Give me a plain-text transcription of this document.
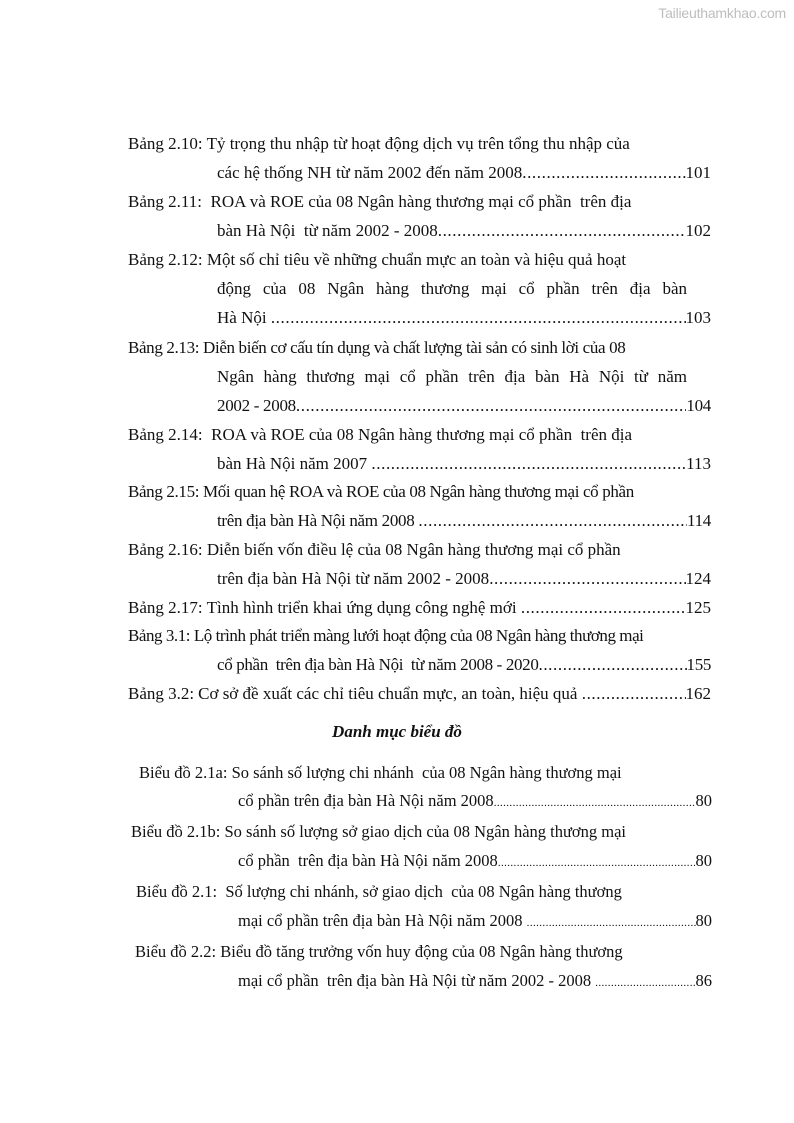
Tailieuthamkhao.com
Bảng 2.10: Tỷ trọng thu nhập từ hoạt động dịch vụ trên tổng thu nhập của
các hệ thống NH từ năm 2002 đến năm 2008 .....	101
Bảng 2.11:  ROA và ROE của 08 Ngân hàng thương mại cổ phần  trên địa
bàn Hà Nội  từ năm 2002 - 2008 .....	102
Bảng 2.12: Một số chỉ tiêu về những chuẩn mực an toàn và hiệu quả hoạt
động của 08 Ngân hàng thương mại cổ phần trên địa bàn
Hà Nội .....	103
Bảng 2.13: Diễn biến cơ cấu tín dụng và chất lượng tài sản có sinh lời của 08
Ngân hàng thương mại cổ phần trên địa bàn Hà Nội từ năm
2002 - 2008 .....	104
Bảng 2.14:  ROA và ROE của 08 Ngân hàng thương mại cổ phần  trên địa
bàn Hà Nội năm 2007 .....	113
Bảng 2.15: Mối quan hệ ROA và ROE của 08 Ngân hàng thương mại cổ phần
trên địa bàn Hà Nội năm 2008 .....	114
Bảng 2.16: Diễn biến vốn điều lệ của 08 Ngân hàng thương mại cổ phần
trên địa bàn Hà Nội từ năm 2002 - 2008 .....	124
Bảng 2.17: Tình hình triển khai ứng dụng công nghệ mới .....	125
Bảng 3.1: Lộ trình phát triển màng lưới hoạt động của 08 Ngân hàng thương mại
cổ phần  trên địa bàn Hà Nội  từ năm 2008 - 2020 .....	155
Bảng 3.2: Cơ sở đề xuất các chỉ tiêu chuẩn mực, an toàn, hiệu quả .....	162
Danh mục biểu đồ
Biểu đồ 2.1a: So sánh số lượng chi nhánh  của 08 Ngân hàng thương mại
cổ phần trên địa bàn Hà Nội năm 2008 .....	80
Biểu đồ 2.1b: So sánh số lượng sở giao dịch của 08 Ngân hàng thương mại
cổ phần  trên địa bàn Hà Nội năm 2008 .....	80
Biểu đồ 2.1:  Số lượng chi nhánh, sở giao dịch  của 08 Ngân hàng thương
mại cổ phần trên địa bàn Hà Nội năm 2008 .....	80
Biểu đồ 2.2: Biểu đồ tăng trưởng vốn huy động của 08 Ngân hàng thương
mại cổ phần  trên địa bàn Hà Nội từ năm 2002 - 2008 .....	86
